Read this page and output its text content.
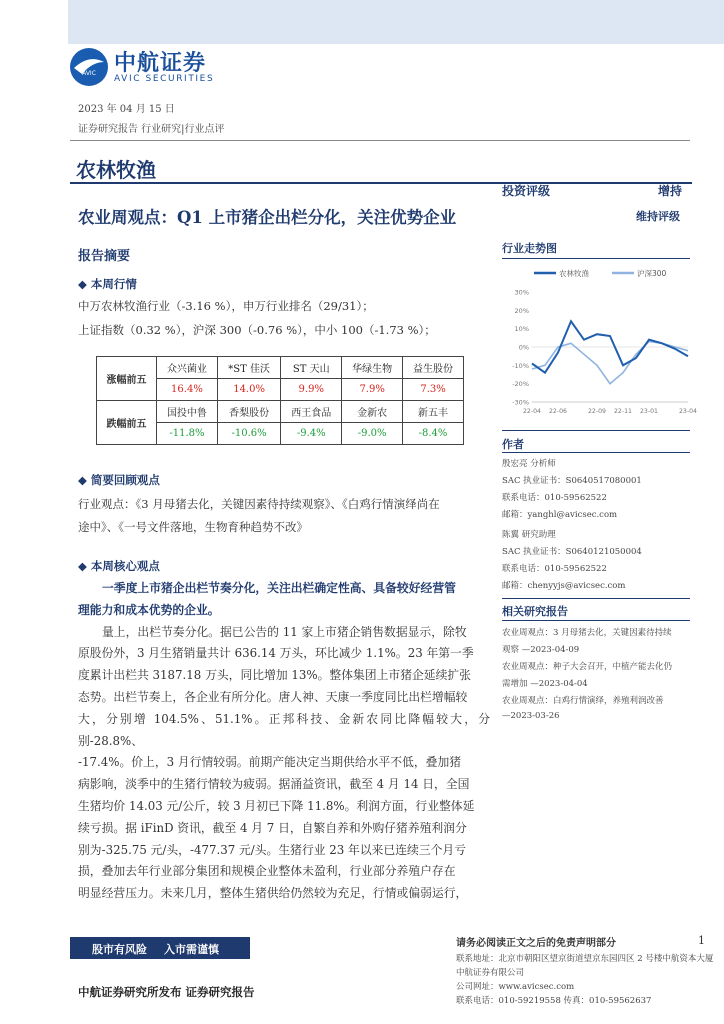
AVIC 中航证券
AVIC SECURITIES
2023 年 04 月 15 日
证券研究报告 行业研究|行业点评
农林牧渔
农业周观点：Q1 上市猪企出栏分化，关注优势企业
报告摘要
◆ 本周行情
中万农林牧渔行业（-3.16 %），申万行业排名（29/31）；
上证指数（0.32 %），沪深 300（-0.76 %），中小 100（-1.73 %）；
涨幅前五	众兴菌业	*ST 佳沃	ST 天山	华绿生物	益生股份
	16.4%	14.0%	9.9%	7.9%	7.3%
跌幅前五	国投中鲁	香梨股份	西王食品	金新农	新五丰
	-11.8%	-10.6%	-9.4%	-9.0%	-8.4%
◆ 简要回顾观点
行业观点：《3 月母猪去化，关键因素待持续观察》、《白鸡行情演绎尚在
途中》、《一号文件落地，生物育种趋势不改》
◆ 本周核心观点
一季度上市猪企出栏节奏分化，关注出栏确定性高、具备较好经营管
理能力和成本优势的企业。
量上，出栏节奏分化。据已公告的 11 家上市猪企销售数据显示，除牧
原股份外，3 月生猪销量共计 636.14 万头，环比减少 1.1%。23 年第一季
度累计出栏共 3187.18 万头，同比增加 13%。整体集团上市猪企延续扩张
态势。出栏节奏上，各企业有所分化。唐人神、天康一季度同比出栏增幅较
大，分别增 104.5%、51.1%。正邦科技、金新农同比降幅较大，分别-28.8%、
-17.4%。价上，3 月行情较弱。前期产能决定当期供给水平不低，叠加猪
病影响，淡季中的生猪行情较为疲弱。据涌益资讯，截至 4 月 14 日，全国
生猪均价 14.03 元/公斤，较 3 月初已下降 11.8%。利润方面，行业整体延
续亏损。据 iFinD 资讯，截至 4 月 7 日，自繁自养和外购仔猪养殖利润分
别为-325.75 元/头，-477.37 元/头。生猪行业 23 年以来已连续三个月亏
损，叠加去年行业部分集团和规模企业整体未盈利，行业部分养殖户存在
明显经营压力。未来几月，整体生猪供给仍然较为充足，行情或偏弱运行，
投资评级	增持
维持评级
行业走势图
农林牧渔	沪深300
30%
20%
10%
0%
-10%
-20%
-30%
22-04 22-06	22-09 22-11 23-01	23-04
作者
殷宏亮 分析师
SAC 执业证书：S0640517080001
联系电话：010-59562522
邮箱：yanghl@avicsec.com
陈翼 研究助理
SAC 执业证书：S0640121050004
联系电话：010-59562522
邮箱：chenyyjs@avicsec.com
相关研究报告
农业周观点：3 月母猪去化，关键因素待持续
观察 —2023-04-09
农业周观点：种子大会召开，中植产能去化仍
需增加 —2023-04-04
农业周观点：白鸡行情演绎，养殖利润改善
—2023-03-26
股市有风险 入市需谨慎	请务必阅读正文之后的免责声明部分	1
联系地址：北京市朝阳区望京街道望京东园四区 2 号楼中航资本大厦
中航证券有限公司
公司网址：www.avicsec.com
联系电话：010-59219558 传真：010-59562637
中航证券研究所发布 证券研究报告
